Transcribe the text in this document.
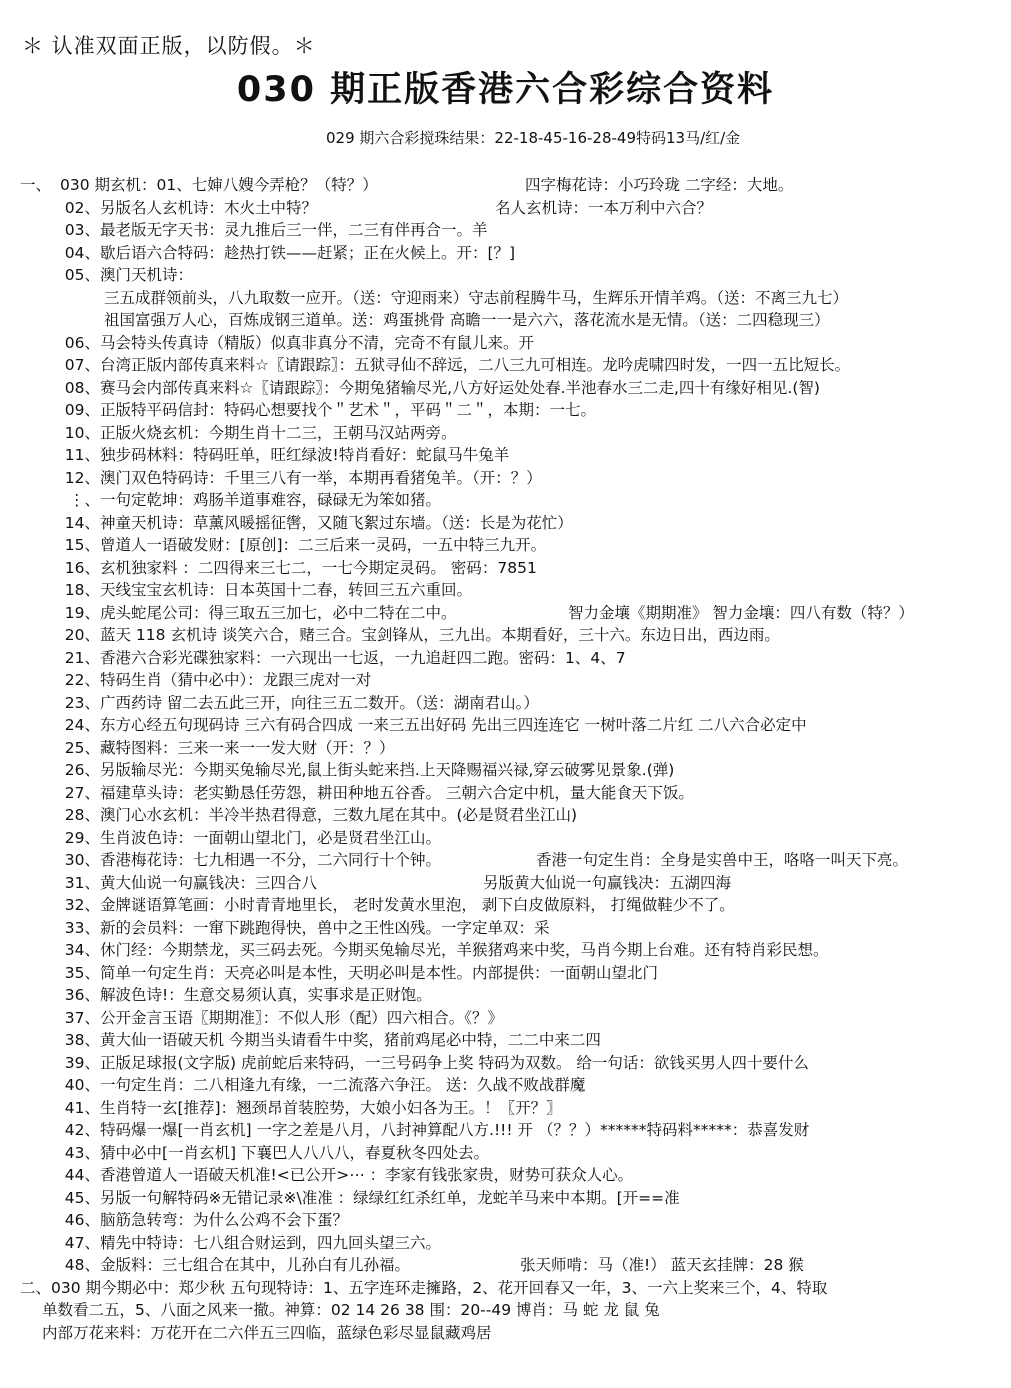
＊ 认准双面正版，以防假。＊
030 期正版香港六合彩综合资料
029 期六合彩搅珠结果：22-18-45-16-28-49特码13马/红/金
一、 030 期玄机：01、七婶八嫂今弄枪？（特？）	四字梅花诗：小巧玲珑 二字经：大地。
02、另版名人玄机诗：木火土中特？	名人玄机诗：一本万利中六合？
03、最老版无字天书：灵九推后三一伴，二三有伴再合一。羊
04、歇后语六合特码：趁热打铁——赶紧；正在火候上。开：[？]
05、澳门天机诗：
三五成群领前头，八九取数一应开。（送：守迎雨来）守志前程腾牛马，生辉乐开情羊鸡。（送：不离三九七）
祖国富强万人心，百炼成钢三道单。送：鸡蛋挑骨 高瞻一一是六六，落花流水是无情。（送：二四稳现三）
06、马会特头传真诗（精版）似真非真分不清，完奇不有鼠儿来。开
07、台湾正版内部传真来料☆〖请跟踪〗：五狱寻仙不辞远，二八三九可相连。龙吟虎啸四时发，一四一五比短长。
08、赛马会内部传真来料☆〖请跟踪〗：今期兔猪输尽光,八方好运处处春.半池春水三二走,四十有缘好相见.(智)
09、正版特平码信封：特码心想要找个＂艺术＂，平码＂二＂，本期：一七。
10、正版火烧玄机：今期生肖十二三，王朝马汉站两旁。
11、独步码林料：特码旺单，旺红绿波!特肖看好：蛇鼠马牛兔羊
12、澳门双色特码诗：千里三八有一举，本期再看猪兔羊。（开：？）
⋮、一句定乾坤：鸡肠羊道事难容，碌碌无为笨如猪。
14、神童天机诗：草薰风暖摇征辔，又随飞絮过东墙。（送：长是为花忙）
15、曾道人一语破发财：[原创]：二三后来一灵码，一五中特三九开。
16、玄机独家料 ：二四得来三七二，一七今期定灵码。 密码：7851
18、天线宝宝玄机诗：日本英国十二春，转回三五六重回。
19、虎头蛇尾公司：得三取五三加七，必中二特在二中。	智力金壤《期期准》 智力金壤：四八有数（特？）
20、蓝天 118 玄机诗 谈笑六合，赌三合。宝剑锋从，三九出。本期看好，三十六。东边日出，西边雨。
21、香港六合彩光碟独家料：一六现出一七返，一九追赶四二跑。密码：1、4、7
22、特码生肖（猜中必中）：龙跟三虎对一对
23、广西药诗 留二去五此三开，向往三五二数开。（送：湖南君山。）
24、东方心经五句现码诗 三六有码合四成 一来三五出好码 先出三四连连它 一树叶落二片红 二八六合必定中
25、藏特图料：三来一来一一发大财（开：？）
26、另版输尽光：今期买兔输尽光,鼠上街头蛇来挡.上天降赐福兴禄,穿云破雾见景象.(弹)
27、福建草头诗：老实勤恳任劳怨，耕田种地五谷香。 三朝六合定中机，量大能食天下饭。
28、澳门心水玄机：半冷半热君得意，三数九尾在其中。(必是贤君坐江山)
29、生肖波色诗：一面朝山望北门，必是贤君坐江山。
30、香港梅花诗：七九相遇一不分，二六同行十个钟。	香港一句定生肖：全身是实兽中王，咯咯一叫天下亮。
31、黄大仙说一句赢钱决：三四合八	另版黄大仙说一句赢钱决：五湖四海
32、金牌谜语算笔画：小时青青地里长， 老时发黄水里泡， 剥下白皮做原料， 打绳做鞋少不了。
33、新的会员料：一窜下跳跑得快，兽中之王性凶残。一字定单双：采
34、休门经：今期禁龙，买三码去死。今期买兔输尽光，羊猴猪鸡来中奖，马肖今期上台难。还有特肖彩民想。
35、简单一句定生肖：天亮必叫是本性，天明必叫是本性。内部提供：一面朝山望北门
36、解波色诗!：生意交易须认真，实事求是正财饱。
37、公开金言玉语〖期期准〗：不似人形（配）四六相合。《？》
38、黄大仙一语破天机 今期当头请看牛中奖，猪前鸡尾必中特，二二中来二四
39、正版足球报(文字版) 虎前蛇后来特码，一三号码争上奖 特码为双数。 给一句话：欲钱买男人四十要什么
40、一句定生肖：二八相逢九有缘，一二流落六争汪。 送：久战不败战群魔
41、生肖特一玄[推荐]：翘颈昂首装腔势，大娘小妇各为王。！〖开？〗
42、特码爆一爆[一肖玄机] 一字之差是八月，八封神算配八方.!!! 开 （？？）******特码料*****：恭喜发财
43、猜中必中[一肖玄机] 下襄巴人八八八，春夏秋冬四处去。
44、香港曾道人一语破天机准!<已公开>⋯ ：李家有钱张家贵，财势可获众人心。
45、另版一句解特码※无错记录※\准准 ：绿绿红红杀红单，龙蛇羊马来中本期。[开==准
46、脑筋急转弯：为什么公鸡不会下蛋？
47、精先中特诗：七八组合财运到，四九回头望三六。
48、金版料：三七组合在其中，儿孙白有儿孙福。	张天师啃：马（准!） 蓝天玄挂牌：28 猴
二、030 期今期必中：郑少秋 五句现特诗：1、五字连环走擁路，2、花开回春又一年，3、一六上奖来三个，4、特取
单数看二五，5、八面之风来一撤。神算：02 14 26 38 围：20--49 博肖：马 蛇 龙 鼠 兔
内部万花来料：万花开在二六伴五三四临，蓝绿色彩尽显鼠藏鸡居
